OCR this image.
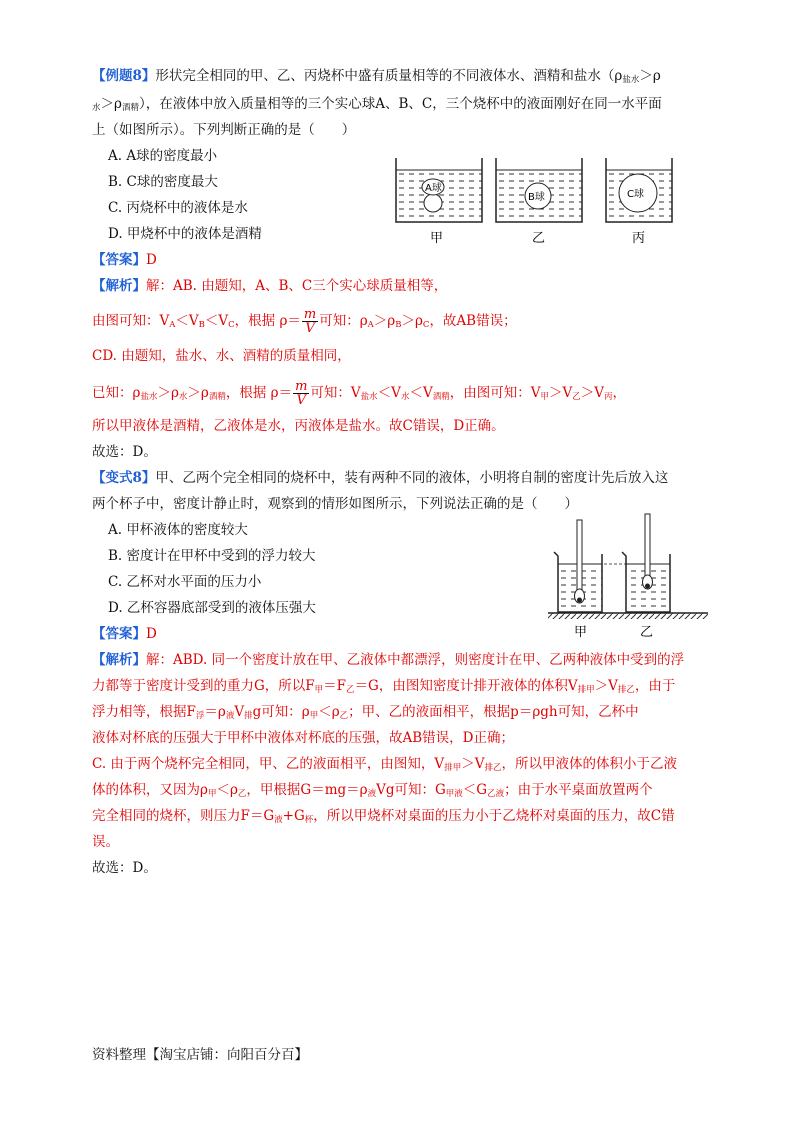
【例题8】形状完全相同的甲、乙、丙烧杯中盛有质量相等的不同液体水、酒精和盐水（$\rho_{盐水}>\rho$
$_水>\rho_{酒精}$），在液体中放入质量相等的三个实心球A、B、C，三个烧杯中的液面刚好在同一水平面
上（如图所示）。下列判断正确的是（　　）
A. A球的密度最小
B. C球的密度最大
C. 丙烧杯中的液体是水
D. 甲烧杯中的液体是酒精
A球
B球	C球
甲	乙	丙
【答案】D
【解析】解：AB. 由题知，A、B、C三个实心球质量相等，
由图可知：$V_A<V_B<V_C$，根据 $\rho= \frac{m}{V}$ 可知：$\rho_A>\rho_B>\rho_C$，故AB错误；
CD. 由题知，盐水、水、酒精的质量相同，
已知：$\rho_{盐水}>\rho_水>\rho_{酒精}$，根据 $\rho= \frac{m}{V}$ 可知：$V_{盐水}<V_水<V_{酒精}$，由图可知：$V_甲>V_乙>V_丙$，
所以甲液体是酒精，乙液体是水，丙液体是盐水。故C错误，D正确。
故选：D。
【变式8】甲、乙两个完全相同的烧杯中，装有两种不同的液体，小明将自制的密度计先后放入这
两个杯子中，密度计静止时，观察到的情形如图所示，下列说法正确的是（　　）
A. 甲杯液体的密度较大
B. 密度计在甲杯中受到的浮力较大
C. 乙杯对水平面的压力小
D. 乙杯容器底部受到的液体压强大
甲	乙
【答案】D
【解析】解：ABD. 同一个密度计放在甲、乙液体中都漂浮，则密度计在甲、乙两种液体中受到的浮
力都等于密度计受到的重力G，所以$F_甲=F_乙=G$，由图知密度计排开液体的体积$V_{排甲}>V_{排乙}$，由于
浮力相等，根据$F_浮=\rho_液V_排g$可知：$\rho_甲<\rho_乙$；甲、乙的液面相平，根据p＝ρgh可知，乙杯中
液体对杯底的压强大于甲杯中液体对杯底的压强，故AB错误，D正确；
C. 由于两个烧杯完全相同，甲、乙的液面相平，由图知，$V_{排甲}>V_{排乙}$，所以甲液体的体积小于乙液
体的体积，又因为$\rho_甲<\rho_乙$，甲根据$G=mg=\rho_液Vg$可知：$G_{甲液}<G_{乙液}$；由于水平桌面放置两个
完全相同的烧杯，则压力$F=G_液+G_杯$，所以甲烧杯对桌面的压力小于乙烧杯对桌面的压力，故C错
误。
故选：D。
资料整理【淘宝店铺：向阳百分百】
